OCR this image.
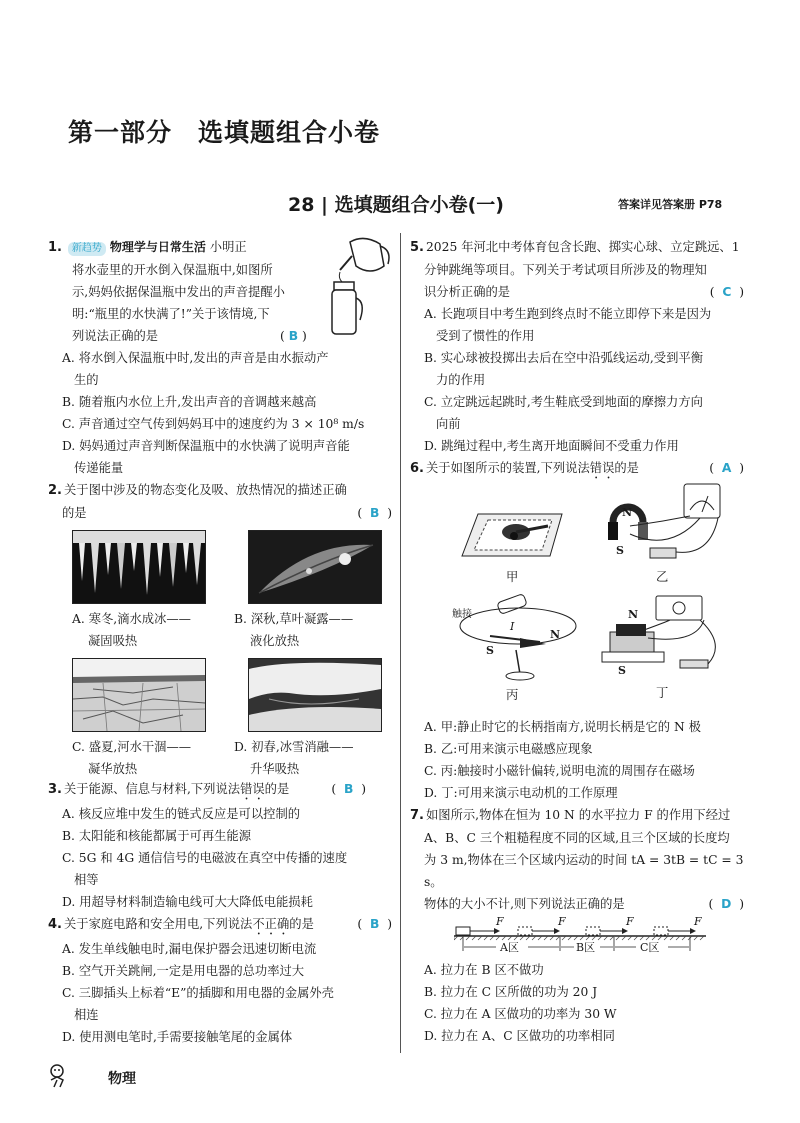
第一部分 选填题组合小卷
28 | 选填题组合小卷(一)	答案详见答案册 P78
1. 新趋势 物理学与日常生活 小明正
将水壶里的开水倒入保温瓶中,如图所
示,妈妈依据保温瓶中发出的声音提醒小
明:“瓶里的水快满了!”关于该情境,下
列说法正确的是	( B )
A. 将水倒入保温瓶中时,发出的声音是由水振动产
生的
B. 随着瓶内水位上升,发出声音的音调越来越高
C. 声音通过空气传到妈妈耳中的速度约为 3 × 10⁸ m/s
D. 妈妈通过声音判断保温瓶中的水快满了说明声音能
传递能量
2. 关于图中涉及的物态变化及吸、放热情况的描述正确
的是	(  B  )
A. 寒冬,滴水成冰——
凝固吸热
B. 深秋,草叶凝露——
液化放热
C. 盛夏,河水干涸——
凝华放热
D. 初春,冰雪消融——
升华吸热
3. 关于能源、信息与材料,下列说法错误的是	(  B  )
A. 核反应堆中发生的链式反应是可以控制的
B. 太阳能和核能都属于可再生能源
C. 5G 和 4G 通信信号的电磁波在真空中传播的速度
相等
D. 用超导材料制造输电线可大大降低电能损耗
4. 关于家庭电路和安全用电,下列说法不正确的是	(  B  )
A. 发生单线触电时,漏电保护器会迅速切断电流
B. 空气开关跳闸,一定是用电器的总功率过大
C. 三脚插头上标着“E”的插脚和用电器的金属外壳
相连
D. 使用测电笔时,手需要接触笔尾的金属体
5. 2025 年河北中考体育包含长跑、掷实心球、立定跳远、1
分钟跳绳等项目。下列关于考试项目所涉及的物理知
识分析正确的是	(  C  )
A. 长跑项目中考生跑到终点时不能立即停下来是因为
受到了惯性的作用
B. 实心球被投掷出去后在空中沿弧线运动,受到平衡
力的作用
C. 立定跳远起跳时,考生鞋底受到地面的摩擦力方向
向前
D. 跳绳过程中,考生离开地面瞬间不受重力作用
6. 关于如图所示的装置,下列说法错误的是	(  A  )
甲
N
S
乙
触接
I
N
S
丙
N
S
丁
A. 甲:静止时它的长柄指南方,说明长柄是它的 N 极
B. 乙:可用来演示电磁感应现象
C. 丙:触接时小磁针偏转,说明电流的周围存在磁场
D. 丁:可用来演示电动机的工作原理
7. 如图所示,物体在恒为 10 N 的水平拉力 F 的作用下经过
A、B、C 三个粗糙程度不同的区域,且三个区域的长度均
为 3 m,物体在三个区域内运动的时间 tA = 3tB = tC = 3 s。
物体的大小不计,则下列说法正确的是	(  D  )
F	F	F	F
A区	B区	C区
A. 拉力在 B 区不做功
B. 拉力在 C 区所做的功为 20 J
C. 拉力在 A 区做功的功率为 30 W
D. 拉力在 A、C 区做功的功率相同
物理
